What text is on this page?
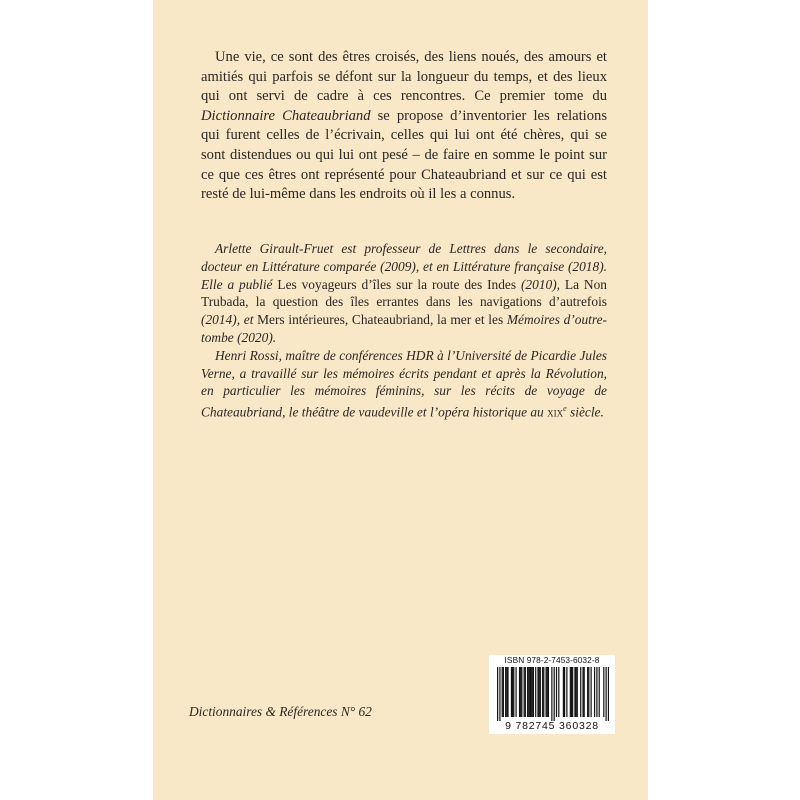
Une vie, ce sont des êtres croisés, des liens noués, des amours et amitiés qui parfois se défont sur la longueur du temps, et des lieux qui ont servi de cadre à ces rencontres. Ce premier tome du Dictionnaire Chateaubriand se propose d’inventorier les relations qui furent celles de l’écrivain, celles qui lui ont été chères, qui se sont distendues ou qui lui ont pesé – de faire en somme le point sur ce que ces êtres ont représenté pour Chateaubriand et sur ce qui est resté de lui-même dans les endroits où il les a connus.

Arlette Girault-Fruet est professeur de Lettres dans le secondaire, docteur en Littérature comparée (2009), et en Littérature française (2018). Elle a publié Les voyageurs d’îles sur la route des Indes (2010), La Non Trubada, la question des îles errantes dans les navigations d’autrefois (2014), et Mers intérieures, Chateaubriand, la mer et les Mémoires d’outre-tombe (2020).

Henri Rossi, maître de conférences HDR à l’Université de Picardie Jules Verne, a travaillé sur les mémoires écrits pendant et après la Révolution, en particulier les mémoires féminins, sur les récits de voyage de Chateaubriand, le théâtre de vaudeville et l’opéra historique au xix$^e$ siècle.

Dictionnaires & Références N° 62
ISBN 978-2-7453-6032-8
9 782745 360328
